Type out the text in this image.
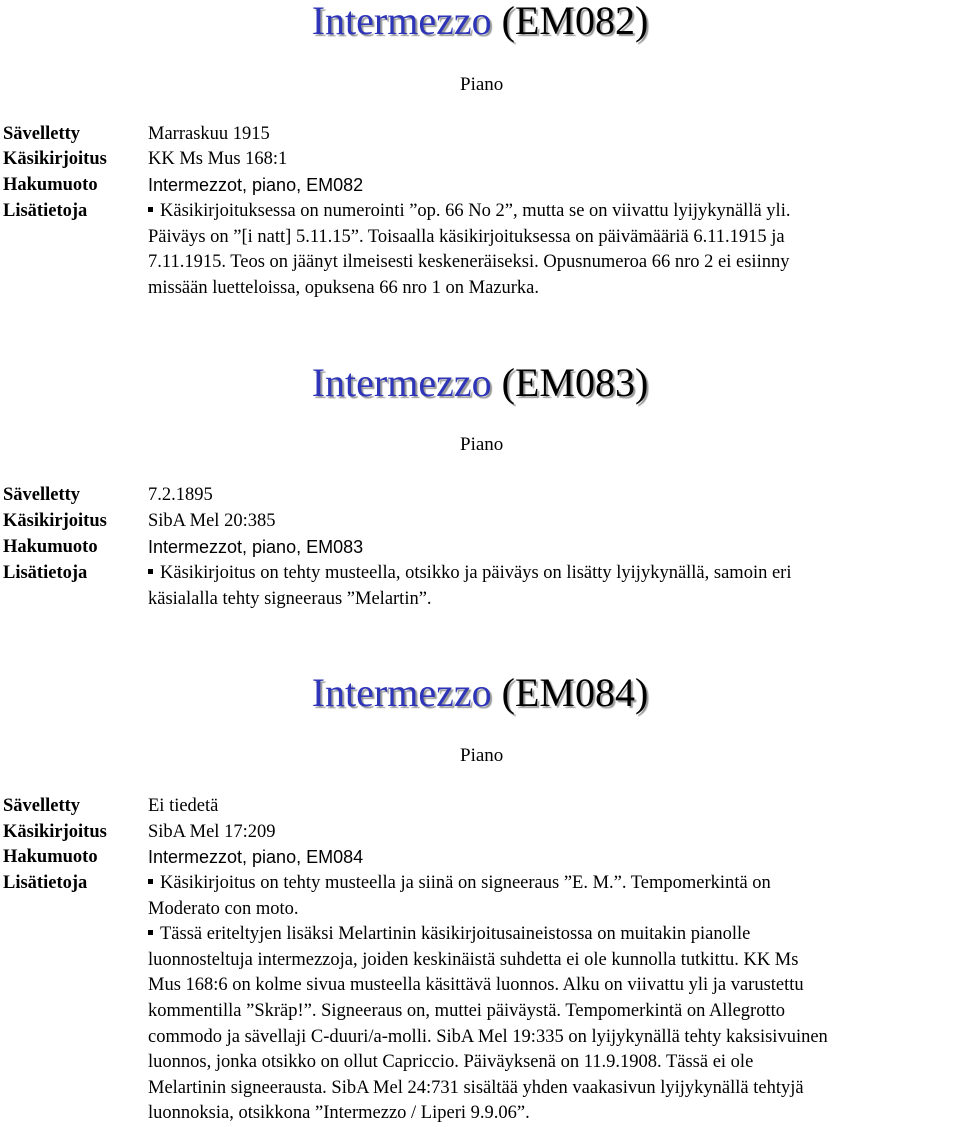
Intermezzo (EM082)
Piano
Sävelletty	Marraskuu 1915
Käsikirjoitus KK Ms Mus 168:1
Hakumuoto	Intermezzot, piano, EM082
Lisätietoja	Käsikirjoituksessa on numerointi ”op. 66 No 2”, mutta se on viivattu lyijykynällä yli.
Päiväys on ”[i natt] 5.11.15”. Toisaalla käsikirjoituksessa on päivämääriä 6.11.1915 ja
7.11.1915. Teos on jäänyt ilmeisesti keskeneräiseksi. Opusnumeroa 66 nro 2 ei esiinny
missään luetteloissa, opuksena 66 nro 1 on Mazurka.
Intermezzo (EM083)
Piano
Sävelletty	7.2.1895
Käsikirjoitus SibA Mel 20:385
Hakumuoto	Intermezzot, piano, EM083
Lisätietoja	Käsikirjoitus on tehty musteella, otsikko ja päiväys on lisätty lyijykynällä, samoin eri
käsialalla tehty signeeraus ”Melartin”.
Intermezzo (EM084)
Piano
Sävelletty	Ei tiedetä
Käsikirjoitus SibA Mel 17:209
Hakumuoto	Intermezzot, piano, EM084
Lisätietoja	Käsikirjoitus on tehty musteella ja siinä on signeeraus ”E. M.”. Tempomerkintä on
Moderato con moto.
Tässä eriteltyjen lisäksi Melartinin käsikirjoitusaineistossa on muitakin pianolle
luonnosteltuja intermezzoja, joiden keskinäistä suhdetta ei ole kunnolla tutkittu. KK Ms
Mus 168:6 on kolme sivua musteella käsittävä luonnos. Alku on viivattu yli ja varustettu
kommentilla ”Skräp!”. Signeeraus on, muttei päiväystä. Tempomerkintä on Allegrotto
commodo ja sävellaji C-duuri/a-molli. SibA Mel 19:335 on lyijykynällä tehty kaksisivuinen
luonnos, jonka otsikko on ollut Capriccio. Päiväyksenä on 11.9.1908. Tässä ei ole
Melartinin signeerausta. SibA Mel 24:731 sisältää yhden vaakasivun lyijykynällä tehtyjä
luonnoksia, otsikkona ”Intermezzo / Liperi 9.9.06”.
